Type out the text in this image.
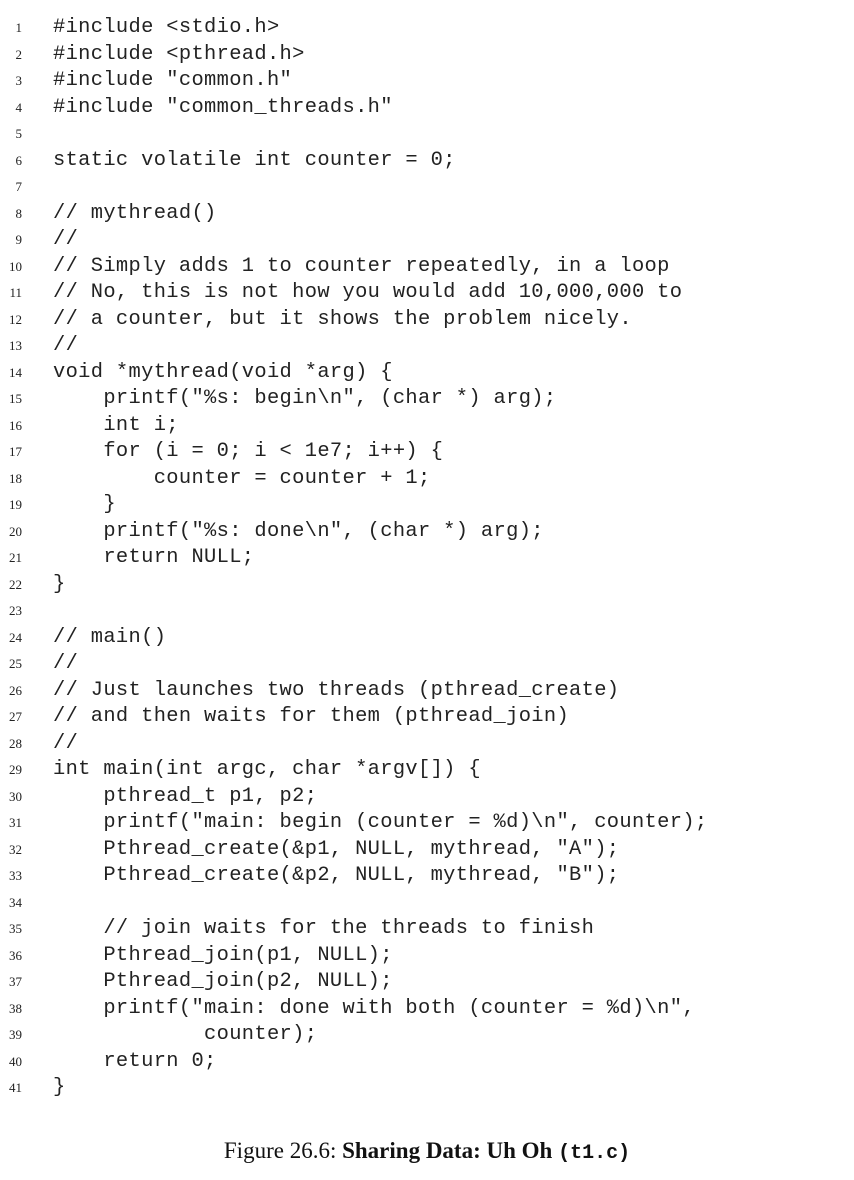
1 #include <stdio.h>
2 #include <pthread.h>
3 #include "common.h"
4 #include "common_threads.h"
5
6 static volatile int counter = 0;
7
8 // mythread()
9 //
10 // Simply adds 1 to counter repeatedly, in a loop
11 // No, this is not how you would add 10,000,000 to
12 // a counter, but it shows the problem nicely.
13 //
14 void *mythread(void *arg) {
15 printf("%s: begin\n", (char *) arg);
16 int i;
17 for (i = 0; i < 1e7; i++) {
18 counter = counter + 1;
19 }
20 printf("%s: done\n", (char *) arg);
21 return NULL;
22 }
23
24 // main()
25 //
26 // Just launches two threads (pthread_create)
27 // and then waits for them (pthread_join)
28 //
29 int main(int argc, char *argv[]) {
30 pthread_t p1, p2;
31 printf("main: begin (counter = %d)\n", counter);
32 Pthread_create(&p1, NULL, mythread, "A");
33 Pthread_create(&p2, NULL, mythread, "B");
34
35 // join waits for the threads to finish
36 Pthread_join(p1, NULL);
37 Pthread_join(p2, NULL);
38 printf("main: done with both (counter = %d)\n",
39 counter);
40 return 0;
41 }
Figure 26.6: Sharing Data: Uh Oh (t1.c)
